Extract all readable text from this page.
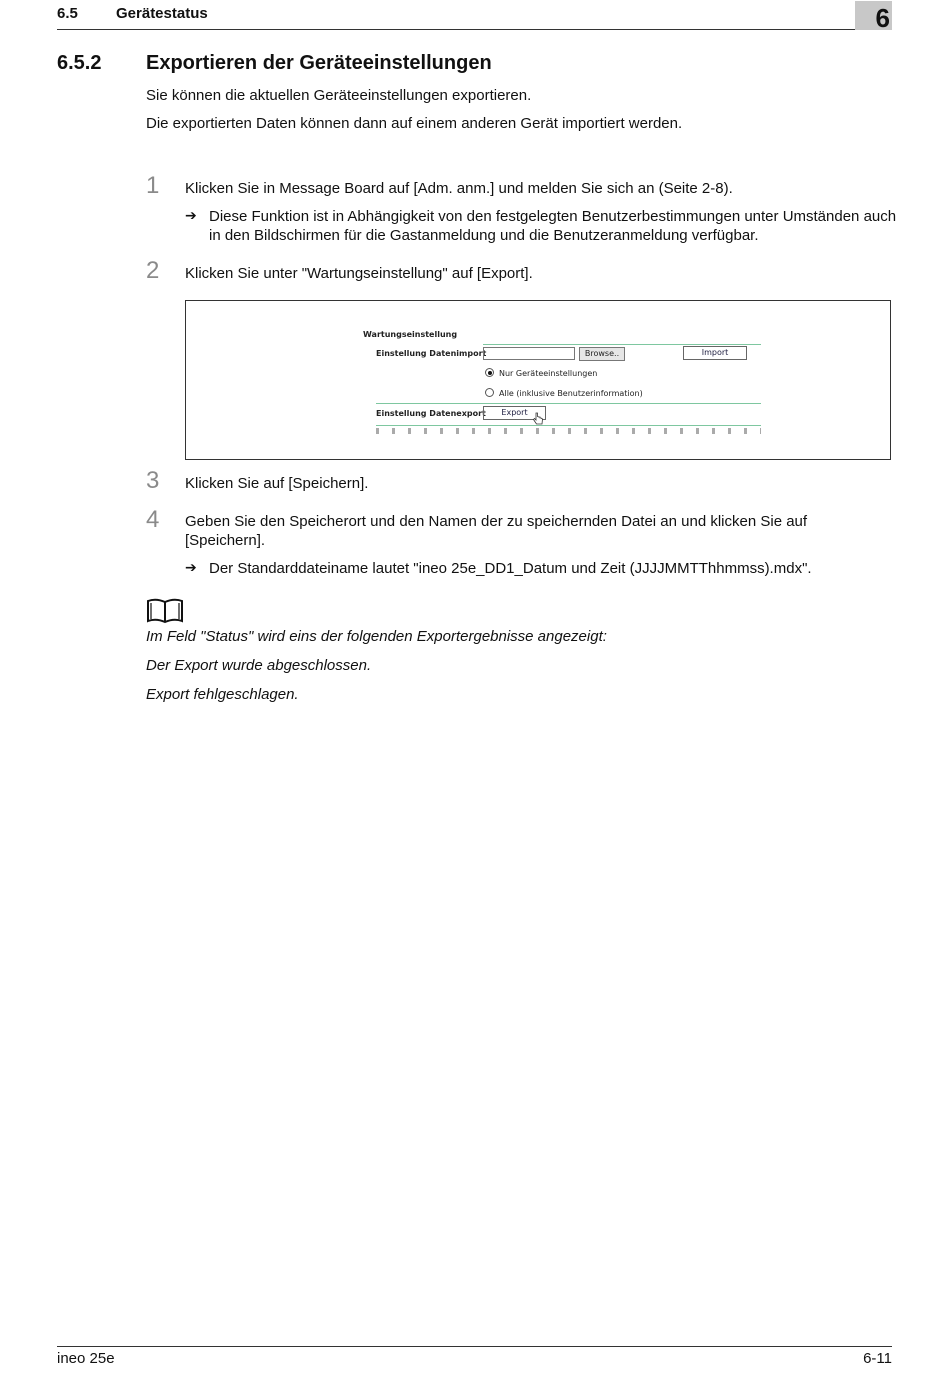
6.5	Gerätestatus	6
6.5.2 Exportieren der Geräteeinstellungen
Sie können die aktuellen Geräteeinstellungen exportieren.
Die exportierten Daten können dann auf einem anderen Gerät importiert werden.
1 Klicken Sie in Message Board auf [Adm. anm.] und melden Sie sich an (Seite 2-8).
➔ Diese Funktion ist in Abhängigkeit von den festgelegten Benutzerbestimmungen unter Umständen auch in den Bildschirmen für die Gastanmeldung und die Benutzeranmeldung verfügbar.
2 Klicken Sie unter "Wartungseinstellung" auf [Export].
Wartungseinstellung
Einstellung Datenimport	Browse..	Import
Nur Geräteeinstellungen
Alle (inklusive Benutzerinformation)
Einstellung Datenexport	Export
3 Klicken Sie auf [Speichern].
4 Geben Sie den Speicherort und den Namen der zu speichernden Datei an und klicken Sie auf [Speichern].
➔ Der Standarddateiname lautet "ineo 25e_DD1_Datum und Zeit (JJJJMMTThhmmss).mdx".
Im Feld "Status" wird eins der folgenden Exportergebnisse angezeigt:
Der Export wurde abgeschlossen.
Export fehlgeschlagen.
ineo 25e	6-11
